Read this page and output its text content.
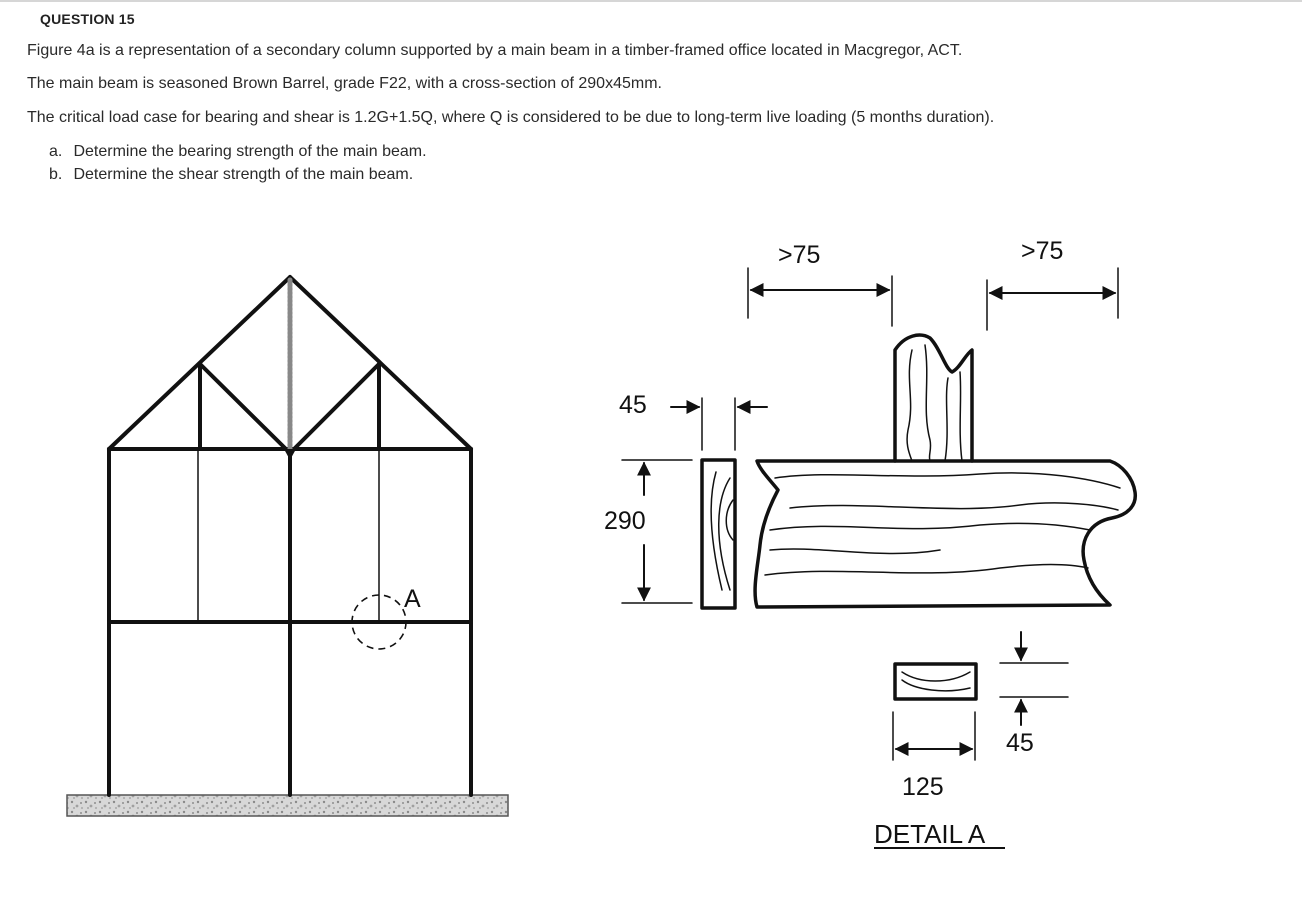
QUESTION 15
Figure 4a is a representation of a secondary column supported by a main beam in a timber-framed office located in Macgregor, ACT.
The main beam is seasoned Brown Barrel, grade F22, with a cross-section of 290x45mm.
The critical load case for bearing and shear is 1.2G+1.5Q, where Q is considered to be due to long-term live loading (5 months duration).
a. Determine the bearing strength of the main beam.
b. Determine the shear strength of the main beam.
A
>75	>75
45
290
45
125
DETAIL A
